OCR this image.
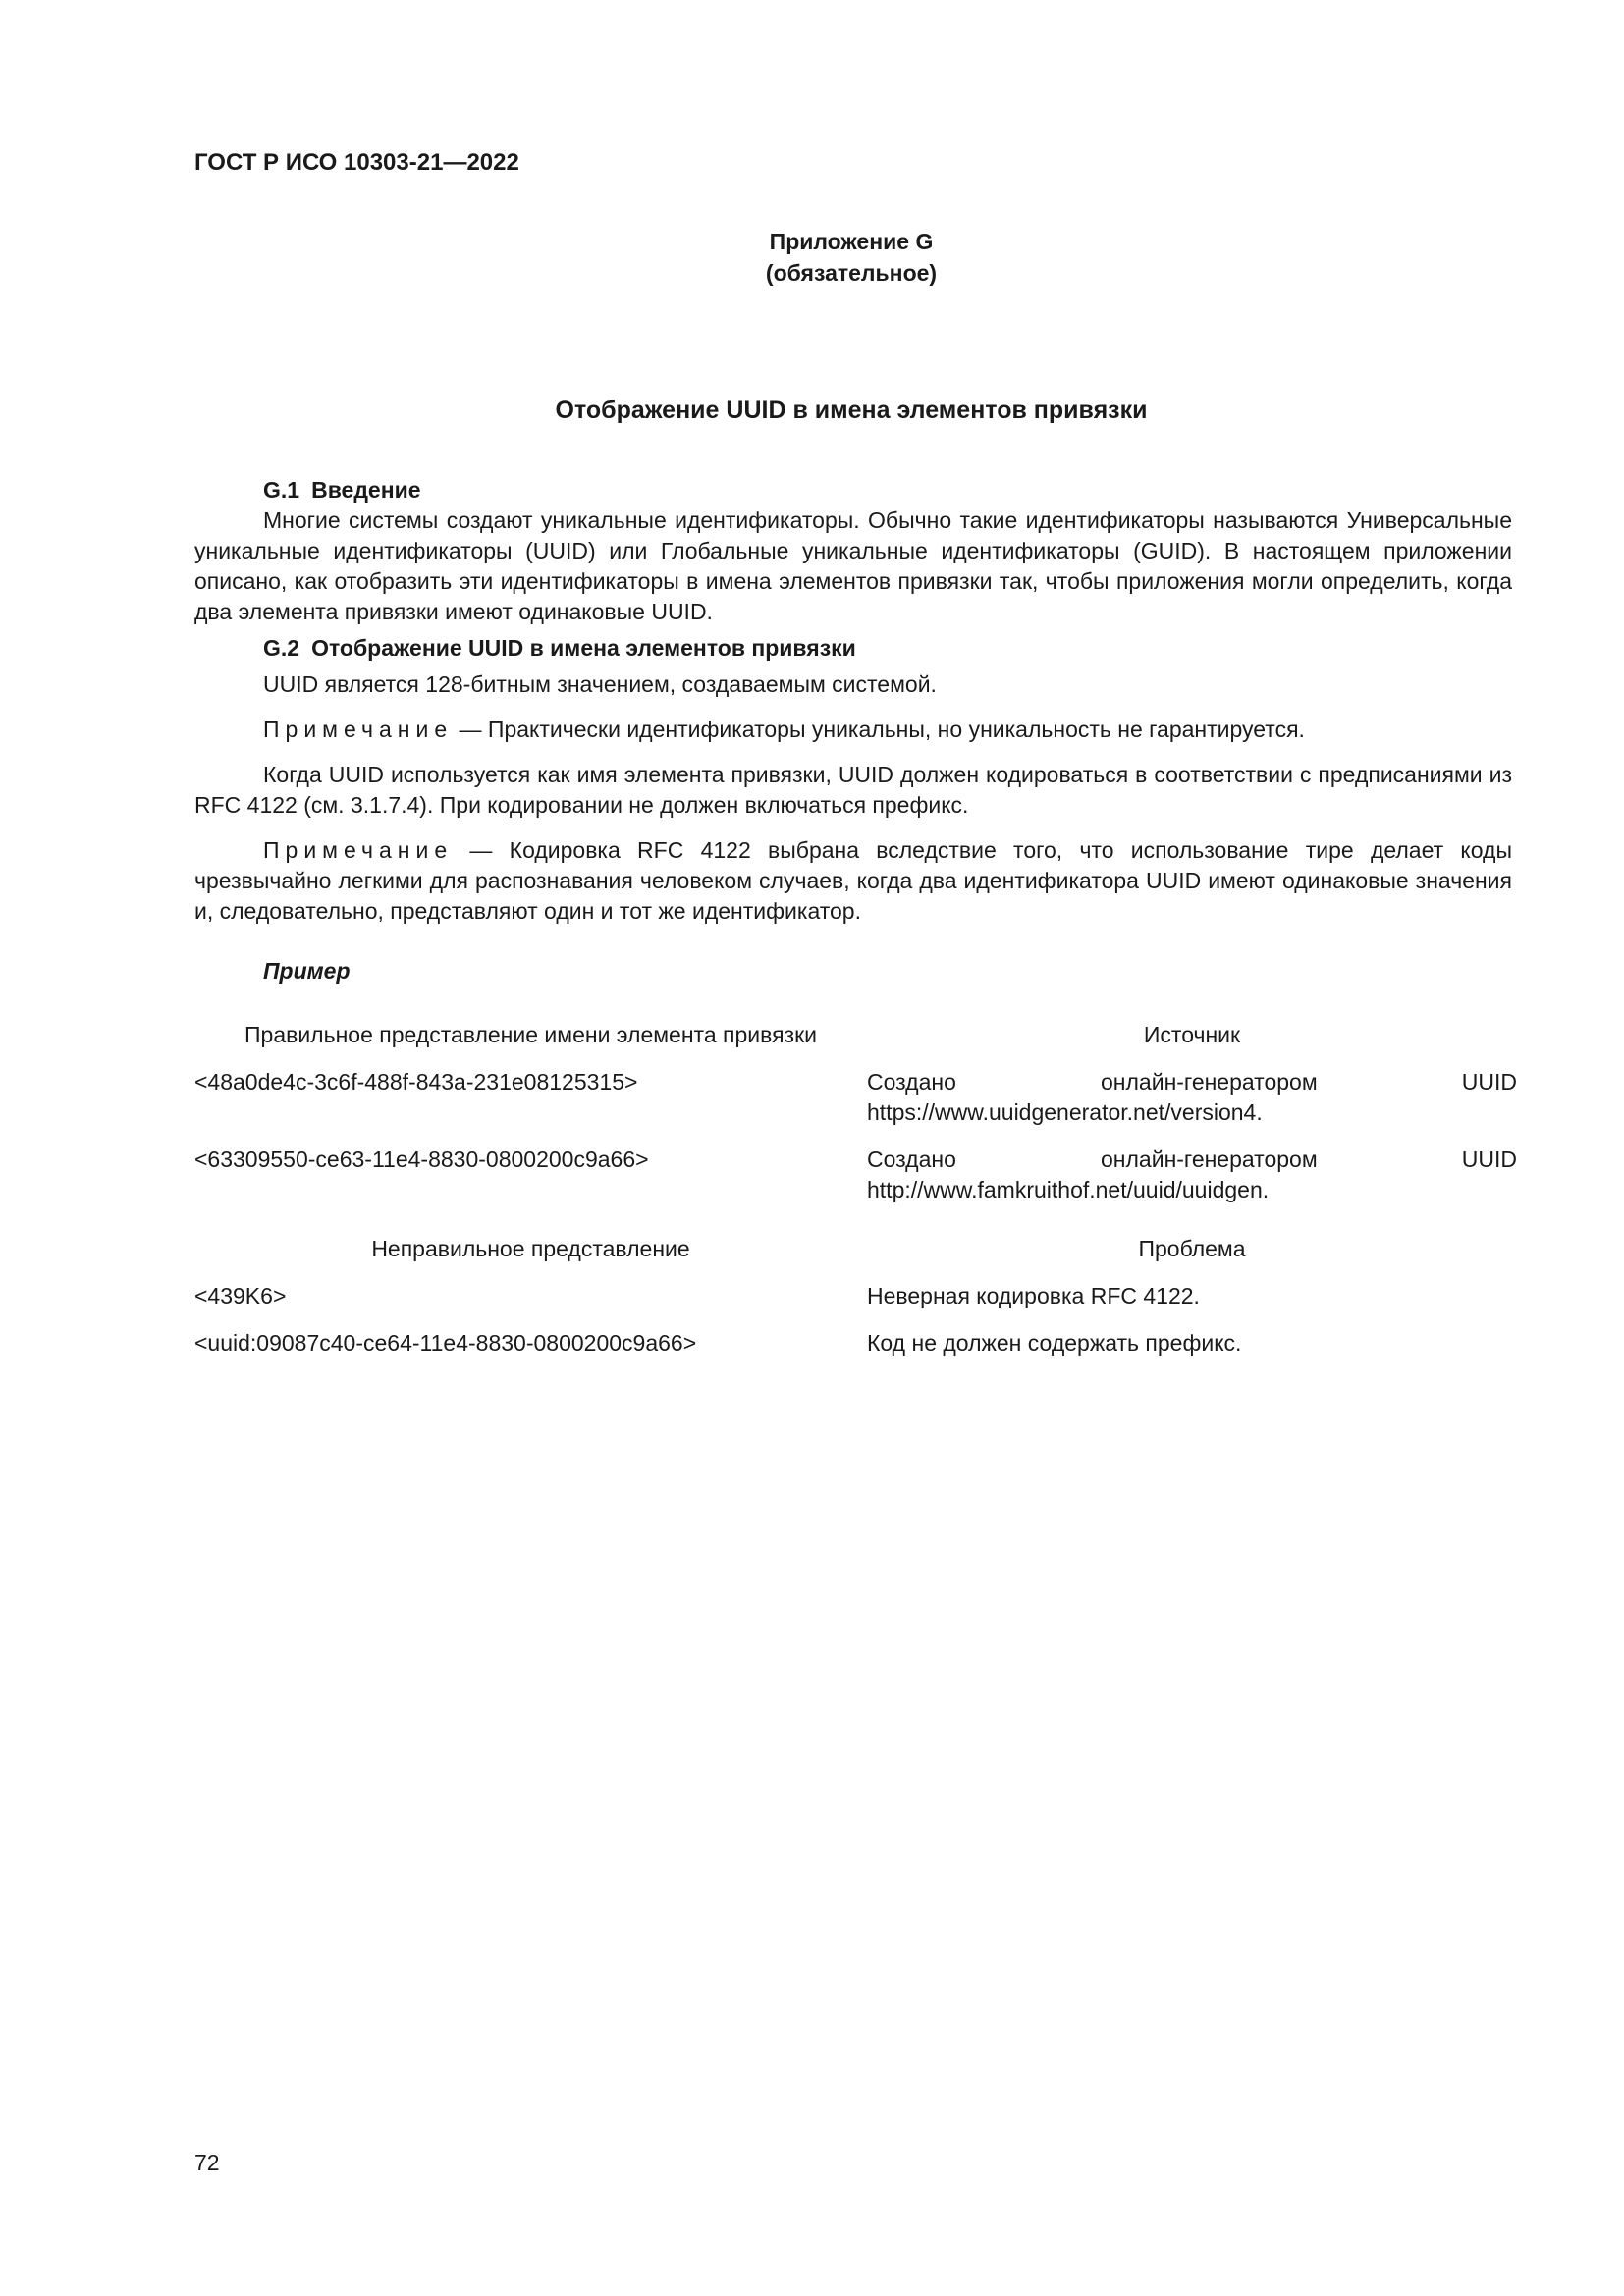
ГОСТ Р ИСО 10303-21—2022
Приложение G
(обязательное)
Отображение UUID в имена элементов привязки

G.1 Введение

Многие системы создают уникальные идентификаторы. Обычно такие идентификаторы называются Универсальные уникальные идентификаторы (UUID) или Глобальные уникальные идентификаторы (GUID). В настоящем приложении описано, как отобразить эти идентификаторы в имена элементов привязки так, чтобы приложения могли определить, когда два элемента привязки имеют одинаковые UUID.

G.2 Отображение UUID в имена элементов привязки

UUID является 128-битным значением, создаваемым системой.

Примечание — Практически идентификаторы уникальны, но уникальность не гарантируется.

Когда UUID используется как имя элемента привязки, UUID должен кодироваться в соответствии с предписаниями из RFC 4122 (см. 3.1.7.4). При кодировании не должен включаться префикс.

Примечание — Кодировка RFC 4122 выбрана вследствие того, что использование тире делает коды чрезвычайно легкими для распознавания человеком случаев, когда два идентификатора UUID имеют одинаковые значения и, следовательно, представляют один и тот же идентификатор.

Пример

Правильное представление имени элемента привязки	Источник
<48a0de4c-3c6f-488f-843a-231e08125315>	Создано онлайн-генератором UUID https://www.uuidgenerator.net/version4.
<63309550-ce63-11e4-8830-0800200c9a66>	Создано онлайн-генератором UUID http://www.famkruithof.net/uuid/uuidgen.
Неправильное представление	Проблема
<439K6>	Неверная кодировка RFC 4122.
<uuid:09087c40-ce64-11e4-8830-0800200c9a66>	Код не должен содержать префикс.
72
